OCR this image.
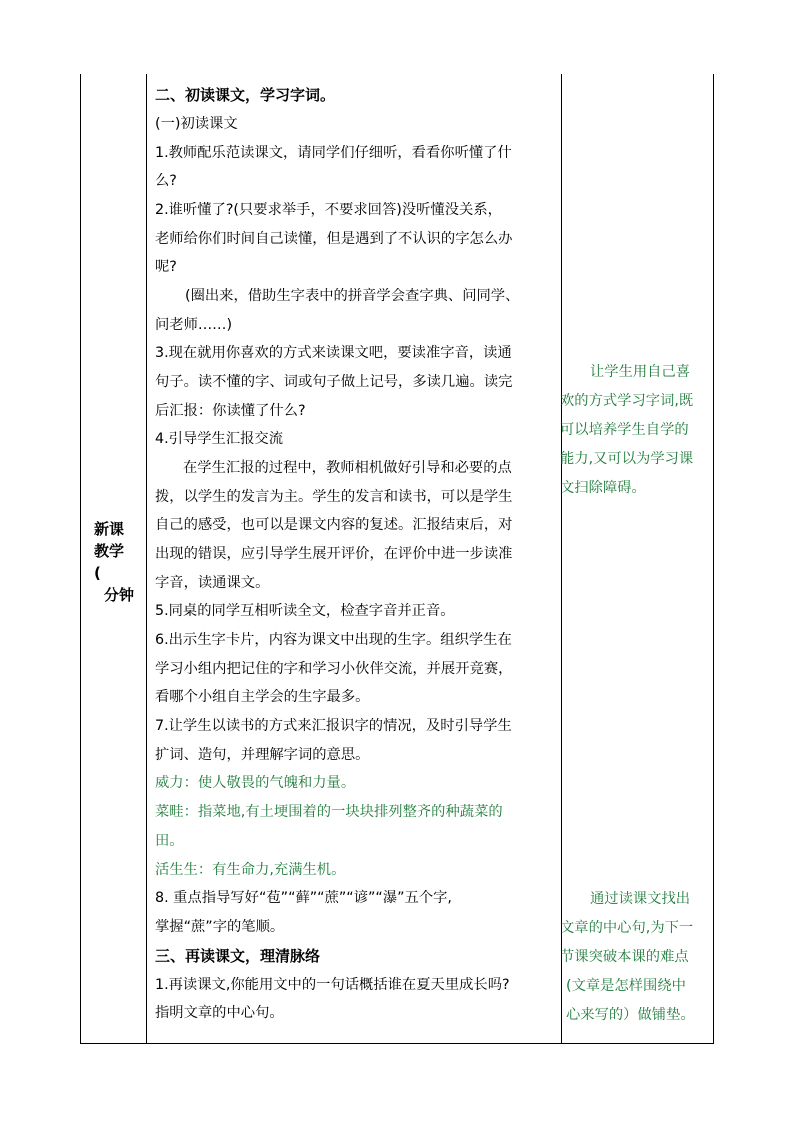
新课
教学
(
分钟
二、初读课文，学习字词。
(一)初读课文
1.教师配乐范读课文，请同学们仔细听，看看你听懂了什
么?
2.谁听懂了?(只要求举手，不要求回答)没听懂没关系，
老师给你们时间自己读懂，但是遇到了不认识的字怎么办
呢?
(圈出来，借助生字表中的拼音学会查字典、问同学、
问老师……)
3.现在就用你喜欢的方式来读课文吧，要读准字音，读通
句子。读不懂的字、词或句子做上记号，多读几遍。读完
后汇报：你读懂了什么?
4.引导学生汇报交流
在学生汇报的过程中，教师相机做好引导和必要的点
拨，以学生的发言为主。学生的发言和读书，可以是学生
自己的感受，也可以是课文内容的复述。汇报结束后，对
出现的错误，应引导学生展开评价，在评价中进一步读准
字音，读通课文。
5.同桌的同学互相听读全文，检查字音并正音。
6.出示生字卡片，内容为课文中出现的生字。组织学生在
学习小组内把记住的字和学习小伙伴交流，并展开竞赛，
看哪个小组自主学会的生字最多。
7.让学生以读书的方式来汇报识字的情况，及时引导学生
扩词、造句，并理解字词的意思。
威力：使人敬畏的气魄和力量。
菜畦：指菜地,有土埂围着的一块块排列整齐的种蔬菜的
田。
活生生：有生命力,充满生机。
8. 重点指导写好“苞”“藓”“蔗”“谚”“瀑”五个字,
掌握“蔗”字的笔顺。
三、再读课文，理清脉络
1.再读课文,你能用文中的一句话概括谁在夏天里成长吗?
指明文章的中心句。
让学生用自己喜
欢的方式学习字词,既
可以培养学生自学的
能力,又可以为学习课
文扫除障碍。
通过读课文找出
文章的中心句,为下一
节课突破本课的难点
(文章是怎样围绕中
心来写的）做铺垫。
